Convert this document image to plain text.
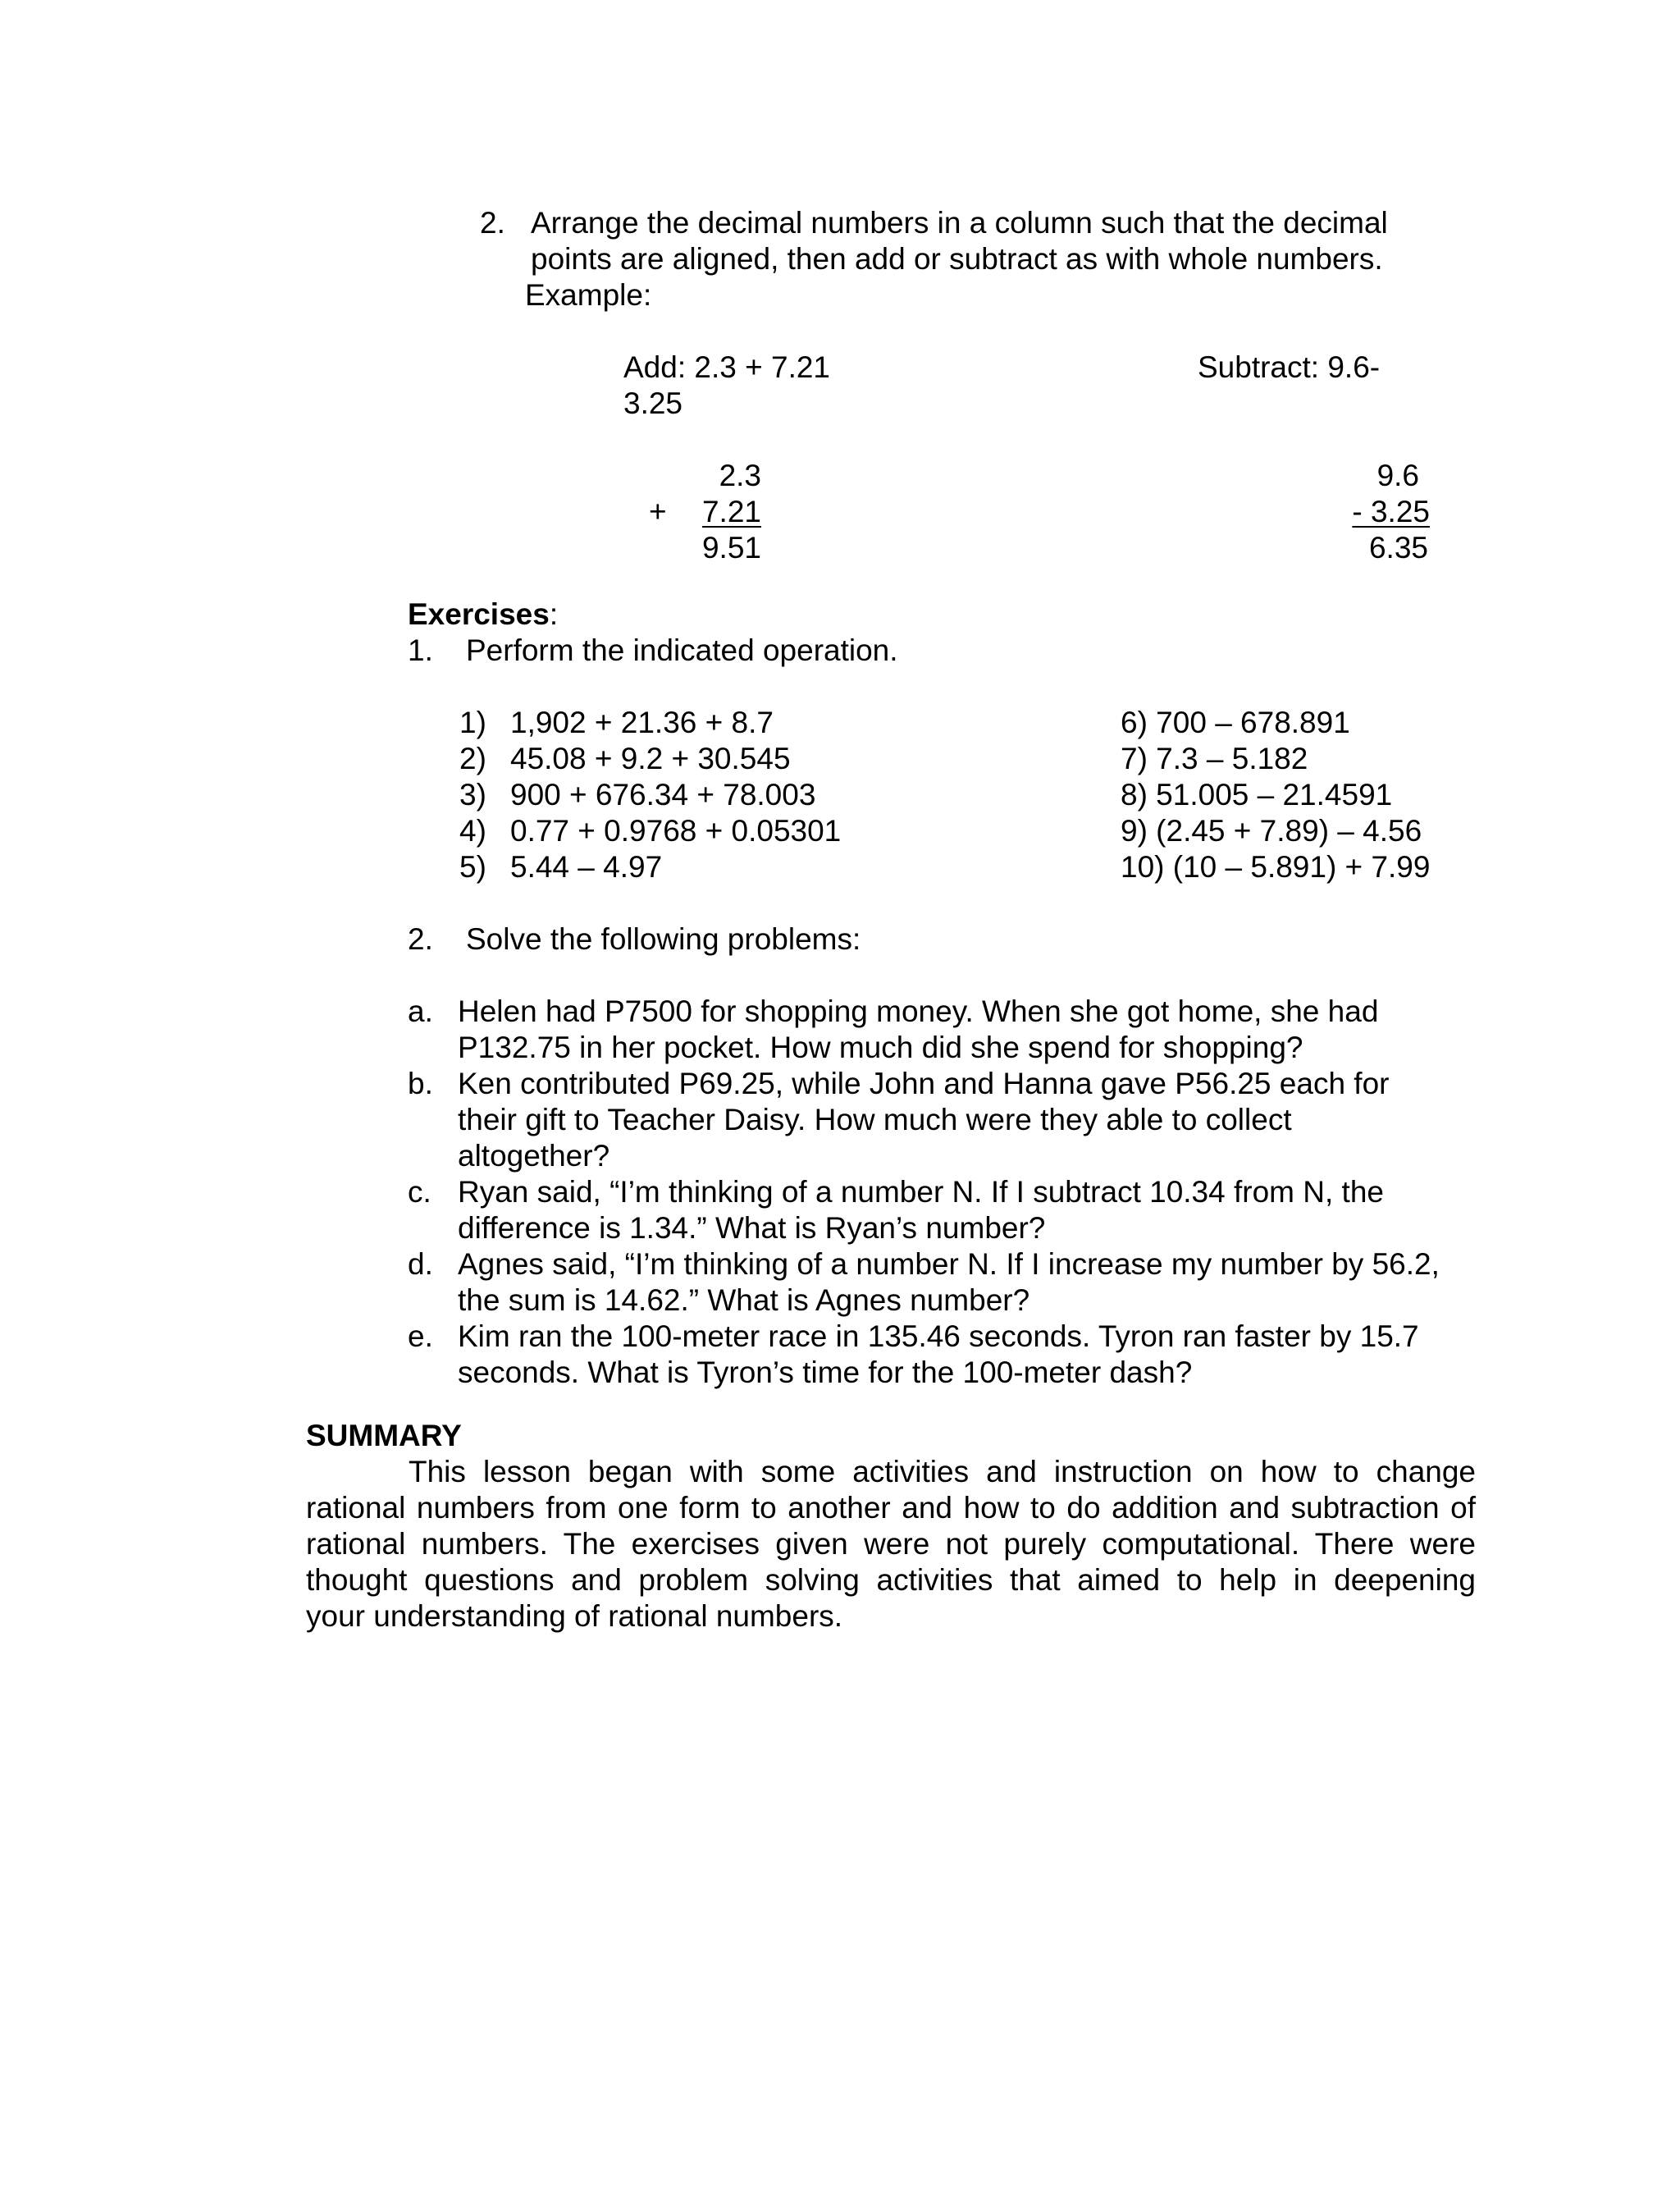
2. Arrange the decimal numbers in a column such that the decimal
points are aligned, then add or subtract as with whole numbers.
Example:
Add: 2.3 + 7.21
3.25
Subtract: 9.6-
2.3
+	7.21
9.51
9.6
- 3.25
6.35
Exercises:
1. Perform the indicated operation.
1) 1,902 + 21.36 + 8.7
2) 45.08 + 9.2 + 30.545
3) 900 + 676.34 + 78.003
4) 0.77 + 0.9768 + 0.05301
5) 5.44 – 4.97
6) 700 – 678.891
7) 7.3 – 5.182
8) 51.005 – 21.4591
9) (2.45 + 7.89) – 4.56
10) (10 – 5.891) + 7.99
2. Solve the following problems:
a. Helen had P7500 for shopping money. When she got home, she had
P132.75 in her pocket. How much did she spend for shopping?
b. Ken contributed P69.25, while John and Hanna gave P56.25 each for
their gift to Teacher Daisy. How much were they able to collect
altogether?
c. Ryan said, “I’m thinking of a number N. If I subtract 10.34 from N, the
difference is 1.34.” What is Ryan’s number?
d. Agnes said, “I’m thinking of a number N. If I increase my number by 56.2,
the sum is 14.62.” What is Agnes number?
e. Kim ran the 100-meter race in 135.46 seconds. Tyron ran faster by 15.7
seconds. What is Tyron’s time for the 100-meter dash?
SUMMARY
This lesson began with some activities and instruction on how to change
rational numbers from one form to another and how to do addition and subtraction of
rational numbers. The exercises given were not purely computational. There were
thought questions and problem solving activities that aimed to help in deepening
your understanding of rational numbers.
